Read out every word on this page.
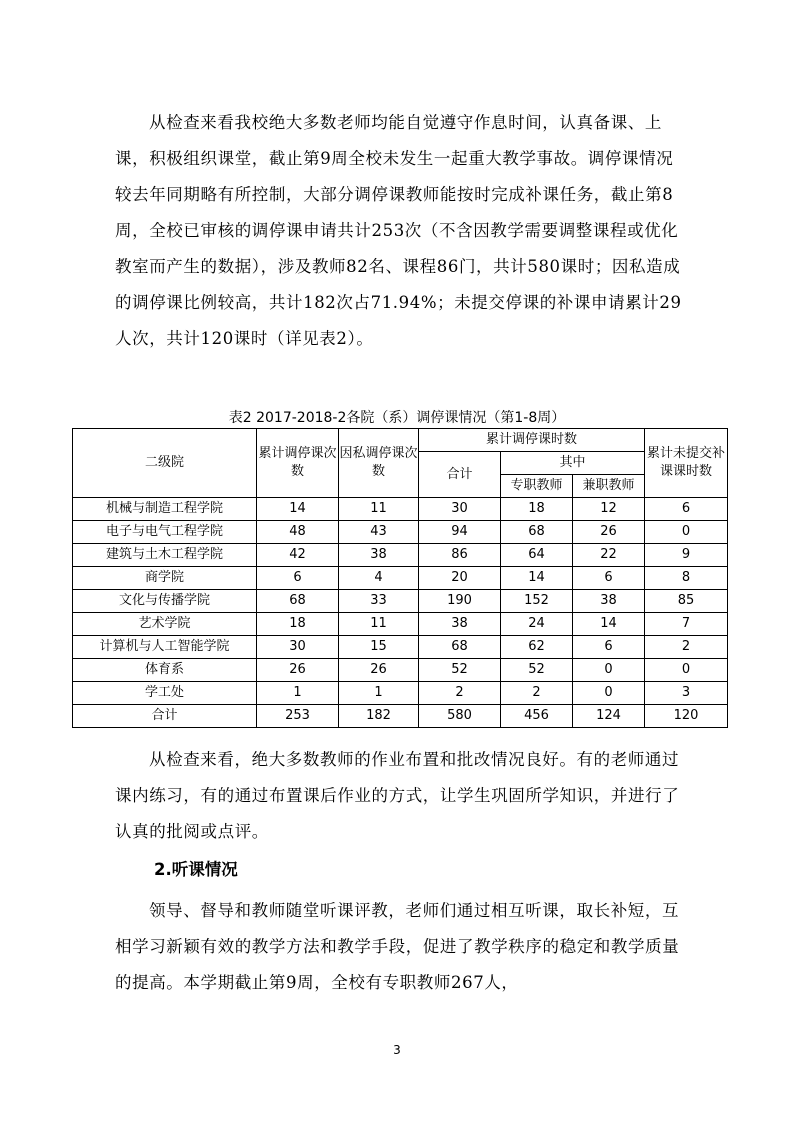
从检查来看我校绝大多数老师均能自觉遵守作息时间，认真备课、上课，积极组织课堂，截止第9周全校未发生一起重大教学事故。调停课情况较去年同期略有所控制，大部分调停课教师能按时完成补课任务，截止第8周，全校已审核的调停课申请共计253次（不含因教学需要调整课程或优化教室而产生的数据），涉及教师82名、课程86门，共计580课时；因私造成的调停课比例较高，共计182次占71.94%；未提交停课的补课申请累计29人次，共计120课时（详见表2）。

表2 2017-2018-2各院（系）调停课情况（第1-8周）
二级院	累计调停课次数	因私调停课次数	累计调停课时数			累计未提交补课课时数
			合计	其中		
				专职教师	兼职教师	
机械与制造工程学院	14	11	30	18	12	6
电子与电气工程学院	48	43	94	68	26	0
建筑与土木工程学院	42	38	86	64	22	9
商学院	6	4	20	14	6	8
文化与传播学院	68	33	190	152	38	85
艺术学院	18	11	38	24	14	7
计算机与人工智能学院	30	15	68	62	6	2
体育系	26	26	52	52	0	0
学工处	1	1	2	2	0	3
合计	253	182	580	456	124	120

从检查来看，绝大多数教师的作业布置和批改情况良好。有的老师通过课内练习，有的通过布置课后作业的方式，让学生巩固所学知识，并进行了认真的批阅或点评。

2.听课情况

领导、督导和教师随堂听课评教，老师们通过相互听课，取长补短，互相学习新颖有效的教学方法和教学手段，促进了教学秩序的稳定和教学质量的提高。本学期截止第9周，全校有专职教师267人，

3
